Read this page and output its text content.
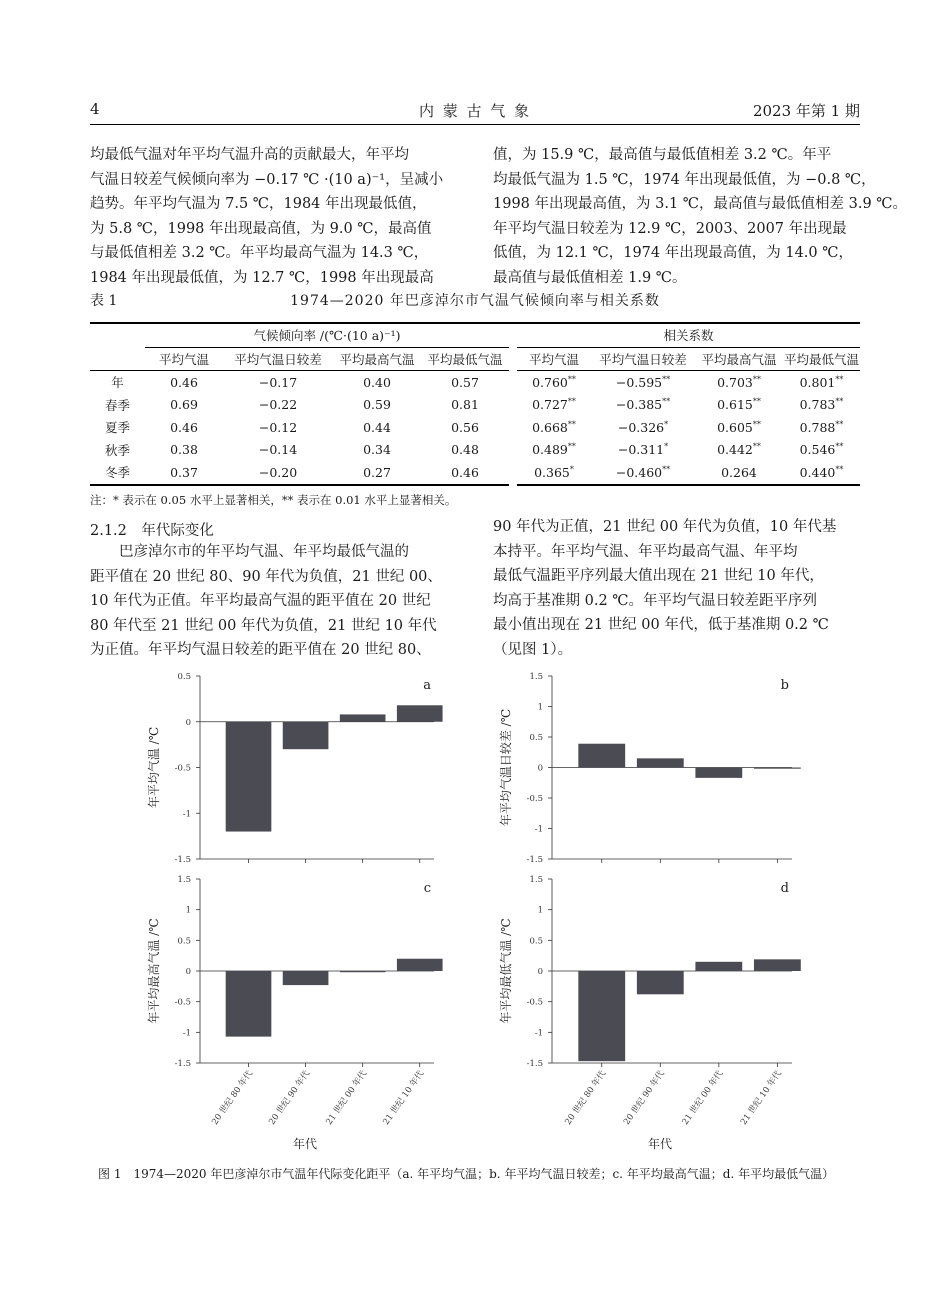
4	内 蒙 古 气 象	2023 年第 1 期
均最低气温对年平均气温升高的贡献最大，年平均
气温日较差气候倾向率为 −0.17 ℃ ·(10 a)⁻¹，呈减小
趋势。年平均气温为 7.5 ℃，1984 年出现最低值，
为 5.8 ℃，1998 年出现最高值，为 9.0 ℃，最高值
与最低值相差 3.2 ℃。年平均最高气温为 14.3 ℃，
1984 年出现最低值，为 12.7 ℃，1998 年出现最高
值，为 15.9 ℃，最高值与最低值相差 3.2 ℃。年平
均最低气温为 1.5 ℃，1974 年出现最低值，为 −0.8 ℃，
1998 年出现最高值，为 3.1 ℃，最高值与最低值相差 3.9 ℃。
年平均气温日较差为 12.9 ℃，2003、2007 年出现最
低值，为 12.1 ℃，1974 年出现最高值，为 14.0 ℃，
最高值与最低值相差 1.9 ℃。
表 1	1974—2020 年巴彦淖尔市气温气候倾向率与相关系数
	气候倾向率 /(℃·(10 a)⁻¹)					相关系数			
	平均气温	平均气温日较差	平均最高气温	平均最低气温		平均气温	平均气温日较差	平均最高气温	平均最低气温
年	0.46	−0.17	0.40	0.57		0.760**	−0.595**	0.703**	0.801**
春季	0.69	−0.22	0.59	0.81		0.727**	−0.385**	0.615**	0.783**
夏季	0.46	−0.12	0.44	0.56		0.668**	−0.326*	0.605**	0.788**
秋季	0.38	−0.14	0.34	0.48		0.489**	−0.311*	0.442**	0.546**
冬季	0.37	−0.20	0.27	0.46		0.365*	−0.460**	0.264	0.440**
注：* 表示在 0.05 水平上显著相关，** 表示在 0.01 水平上显著相关。
2.1.2　年代际变化
　　巴彦淖尔市的年平均气温、年平均最低气温的
距平值在 20 世纪 80、90 年代为负值，21 世纪 00、
10 年代为正值。年平均最高气温的距平值在 20 世纪
80 年代至 21 世纪 00 年代为负值，21 世纪 10 年代
为正值。年平均气温日较差的距平值在 20 世纪 80、
90 年代为正值，21 世纪 00 年代为负值，10 年代基
本持平。年平均气温、年平均最高气温、年平均
最低气温距平序列最大值出现在 21 世纪 10 年代，
均高于基准期 0.2 ℃。年平均气温日较差距平序列
最小值出现在 21 世纪 00 年代，低于基准期 0.2 ℃
（见图 1）。
0.5
0
-0.5
-1
-1.5
a
年平均气温 /℃
1.5
1
0.5
0
-0.5
-1
-1.5
b
年平均气温日较差 /℃
1.5
1
0.5
0
-0.5
-1
-1.5
20 世纪 80 年代 20 世纪 90 年代 21 世纪 00 年代 21 世纪 10 年代
c
年平均最高气温 /℃
年代
1.5
1
0.5
0
-0.5
-1
-1.5
20 世纪 80 年代 20 世纪 90 年代 21 世纪 00 年代 21 世纪 10 年代
d
年平均最低气温 /℃
年代
图 1　1974—2020 年巴彦淖尔市气温年代际变化距平（a. 年平均气温；b. 年平均气温日较差；c. 年平均最高气温；d. 年平均最低气温）
